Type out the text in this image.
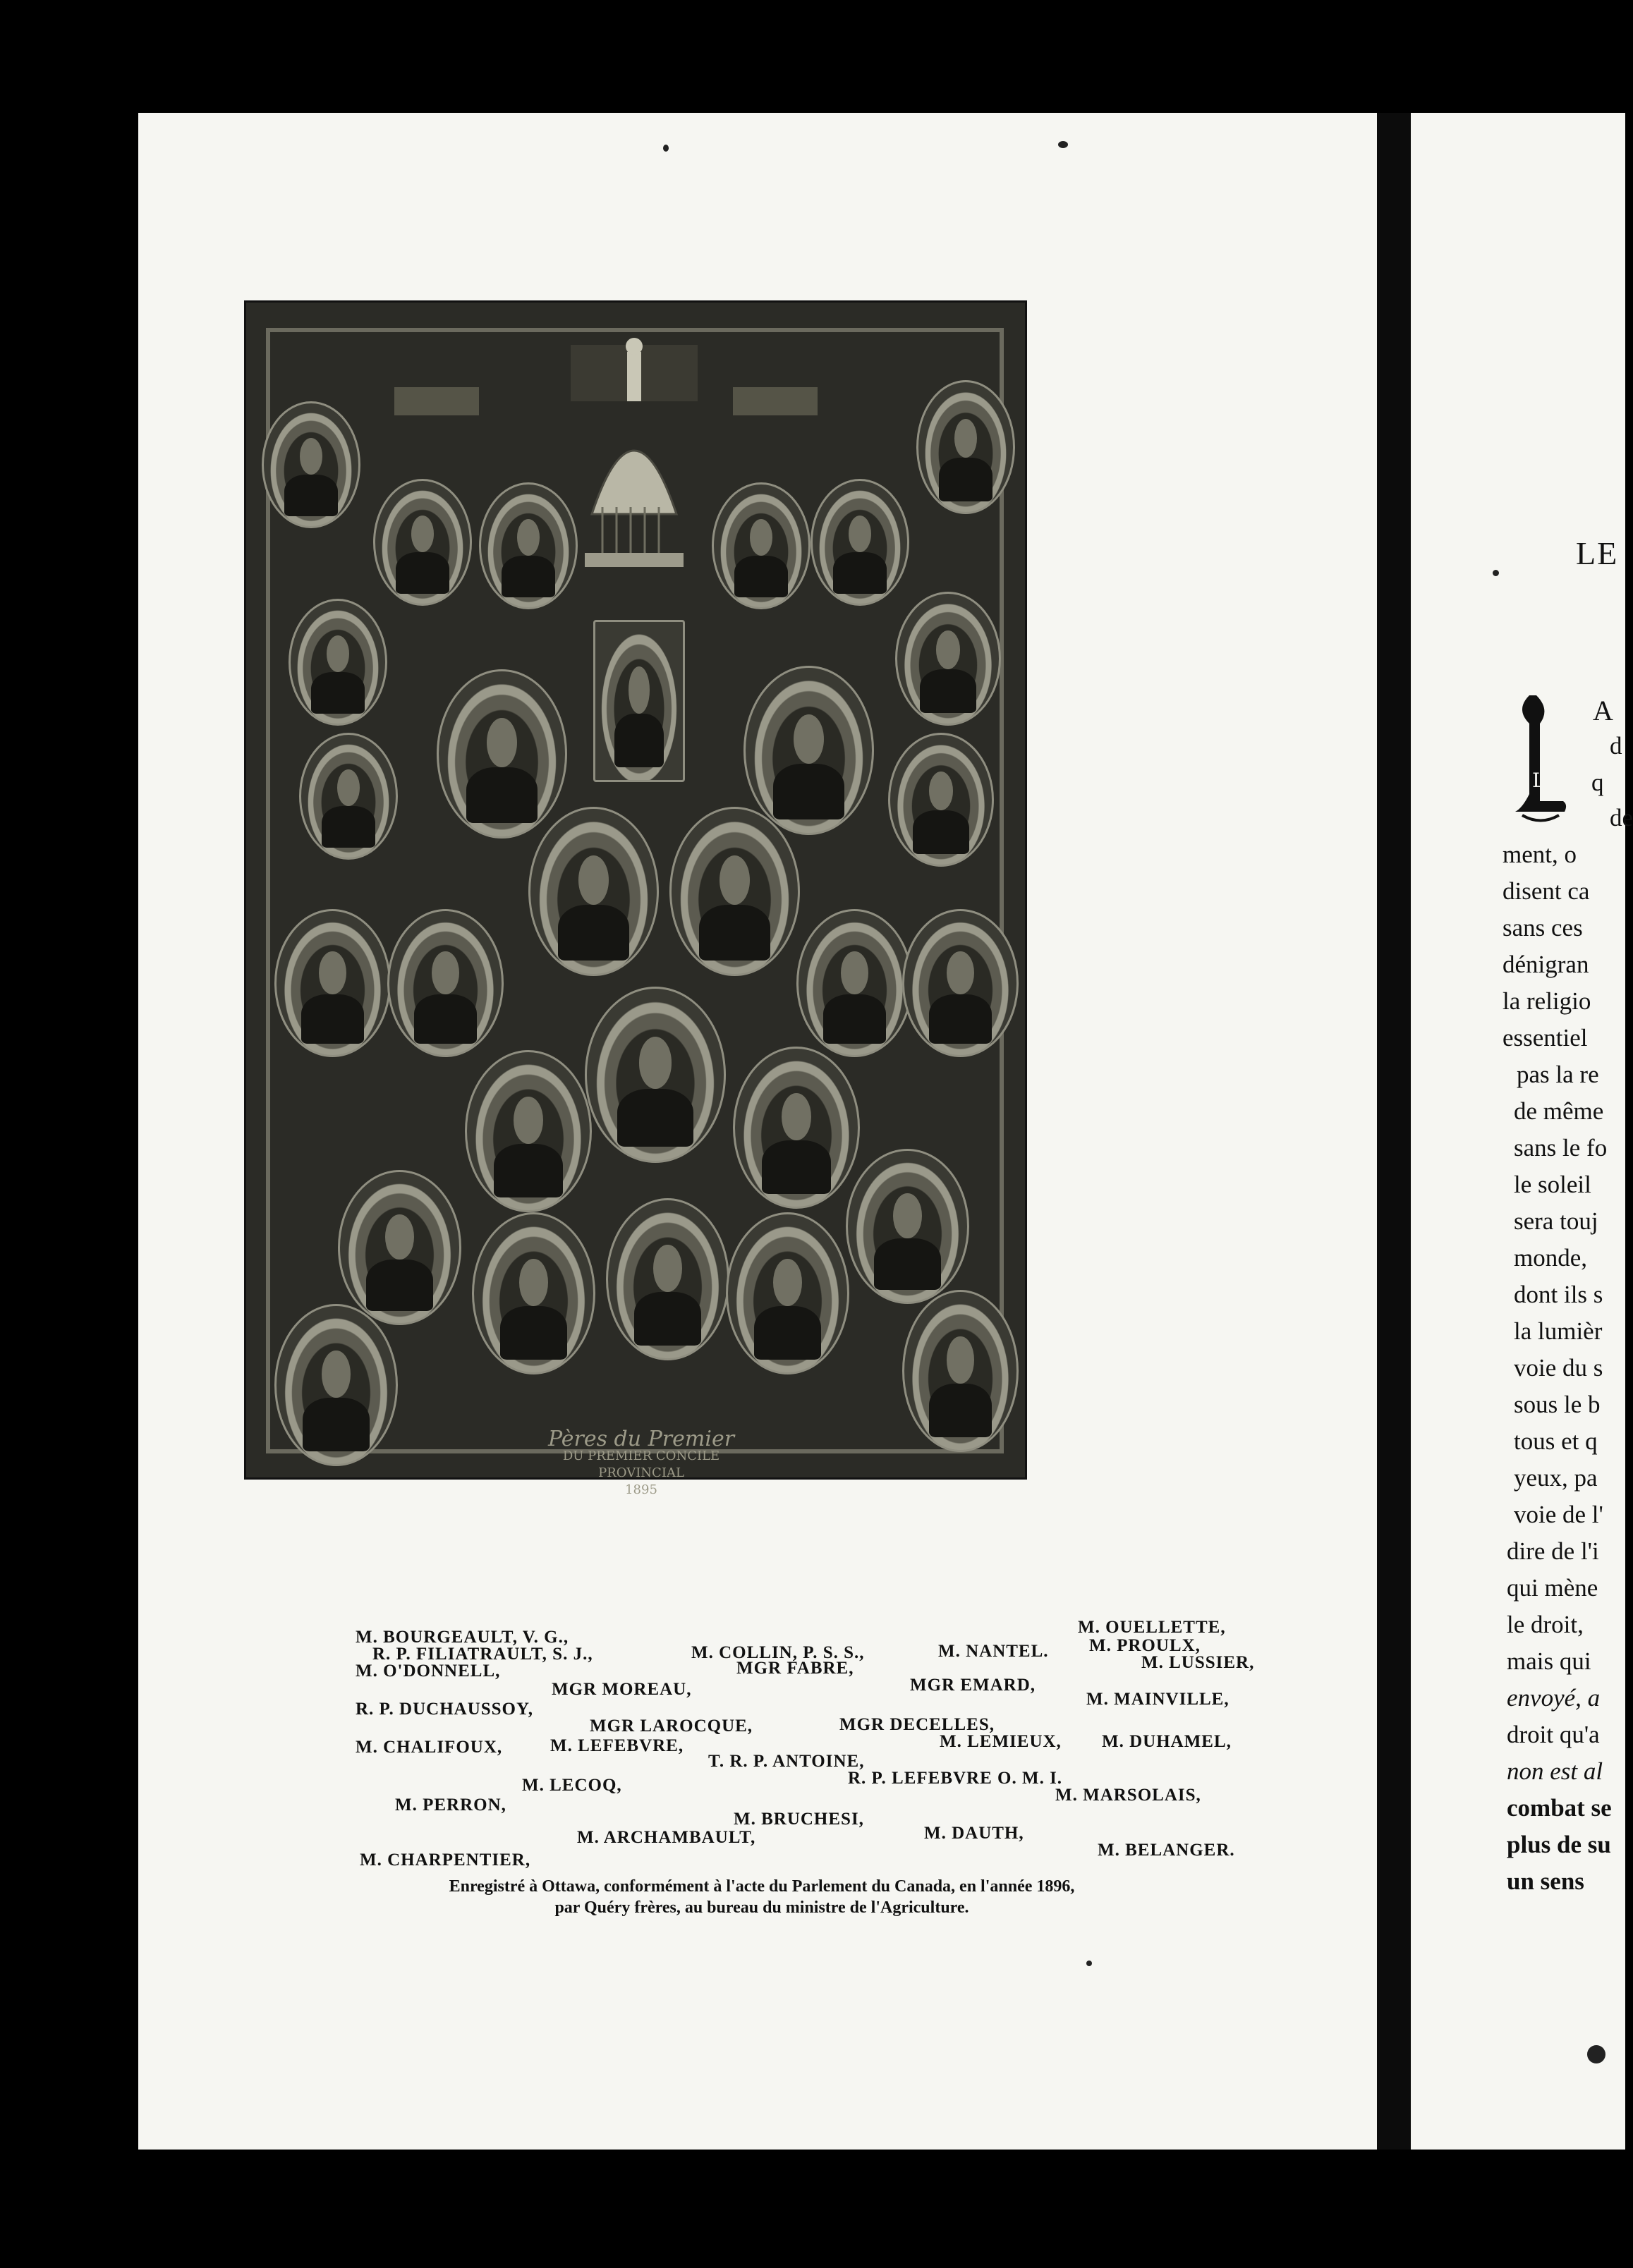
Pères du Premier
DU PREMIER CONCILE PROVINCIAL
1895
M. BOURGEAULT, V. G.,
R. P. FILIATRAULT, S. J.,	M. COLLIN, P. S. S.,	M. NANTEL.
M. OUELLETTE,
M. PROULX,
M. O'DONNELL,	MGR FABRE,	M. LUSSIER,
MGR MOREAU,	MGR EMARD,
R. P. DUCHAUSSOY,
M. MAINVILLE,
MGR LAROCQUE,	MGR DECELLES,
M. CHALIFOUX,	M. LEFEBVRE,	M. LEMIEUX, M. DUHAMEL,
T. R. P. ANTOINE,
M. LECOQ,	R. P. LEFEBVRE O. M. I.
M. MARSOLAIS,
M. PERRON,
M. BRUCHESI,
M. ARCHAMBAULT,	M. DAUTH,
M. CHARPENTIER,
M. BELANGER.
Enregistré à Ottawa, conformément à l'acte du Parlement du Canada, en l'année 1896,
par Quéry frères, au bureau du ministre de l'Agriculture.
LE
L
A
d
q
de
ment, o
disent ca
sans ces
dénigran
la religio
essentiel
pas la re
de même
sans le fo
le soleil
sera touj
monde,
dont ils s
la lumièr
voie du s
sous le b
tous et q
yeux, pa
voie de l'
dire de l'i
qui mène
le droit,
mais qui
envoyé, a
droit qu'a
non est al
combat se
plus de su
un sens
